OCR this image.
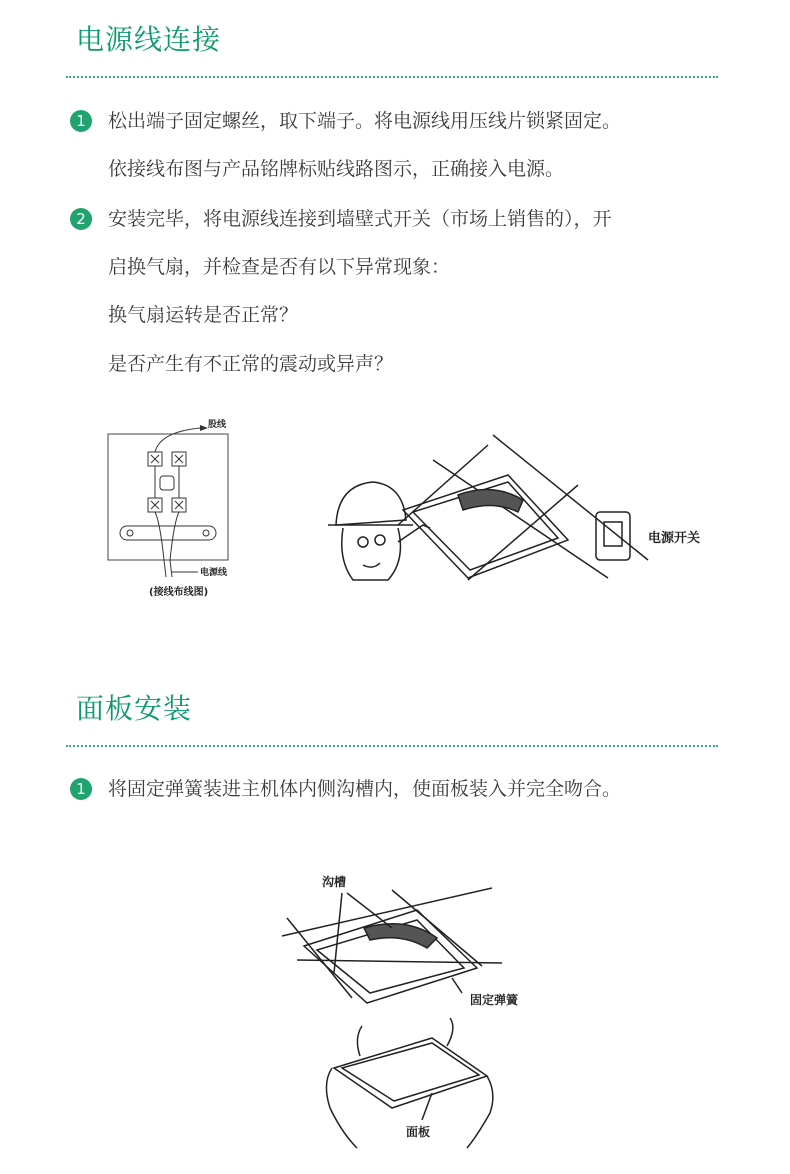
电源线连接
1	松出端子固定螺丝，取下端子。将电源线用压线片锁紧固定。
依接线布图与产品铭牌标贴线路图示，正确接入电源。
2	安装完毕，将电源线连接到墙壁式开关（市场上销售的），开
启换气扇，并检查是否有以下异常现象：
换气扇运转是否正常？
是否产生有不正常的震动或异声？
股线
电源线
(接线布线图)
电源开关
面板安装
1	将固定弹簧装进主机体内侧沟槽内，使面板装入并完全吻合。
沟槽
固定弹簧
面板
